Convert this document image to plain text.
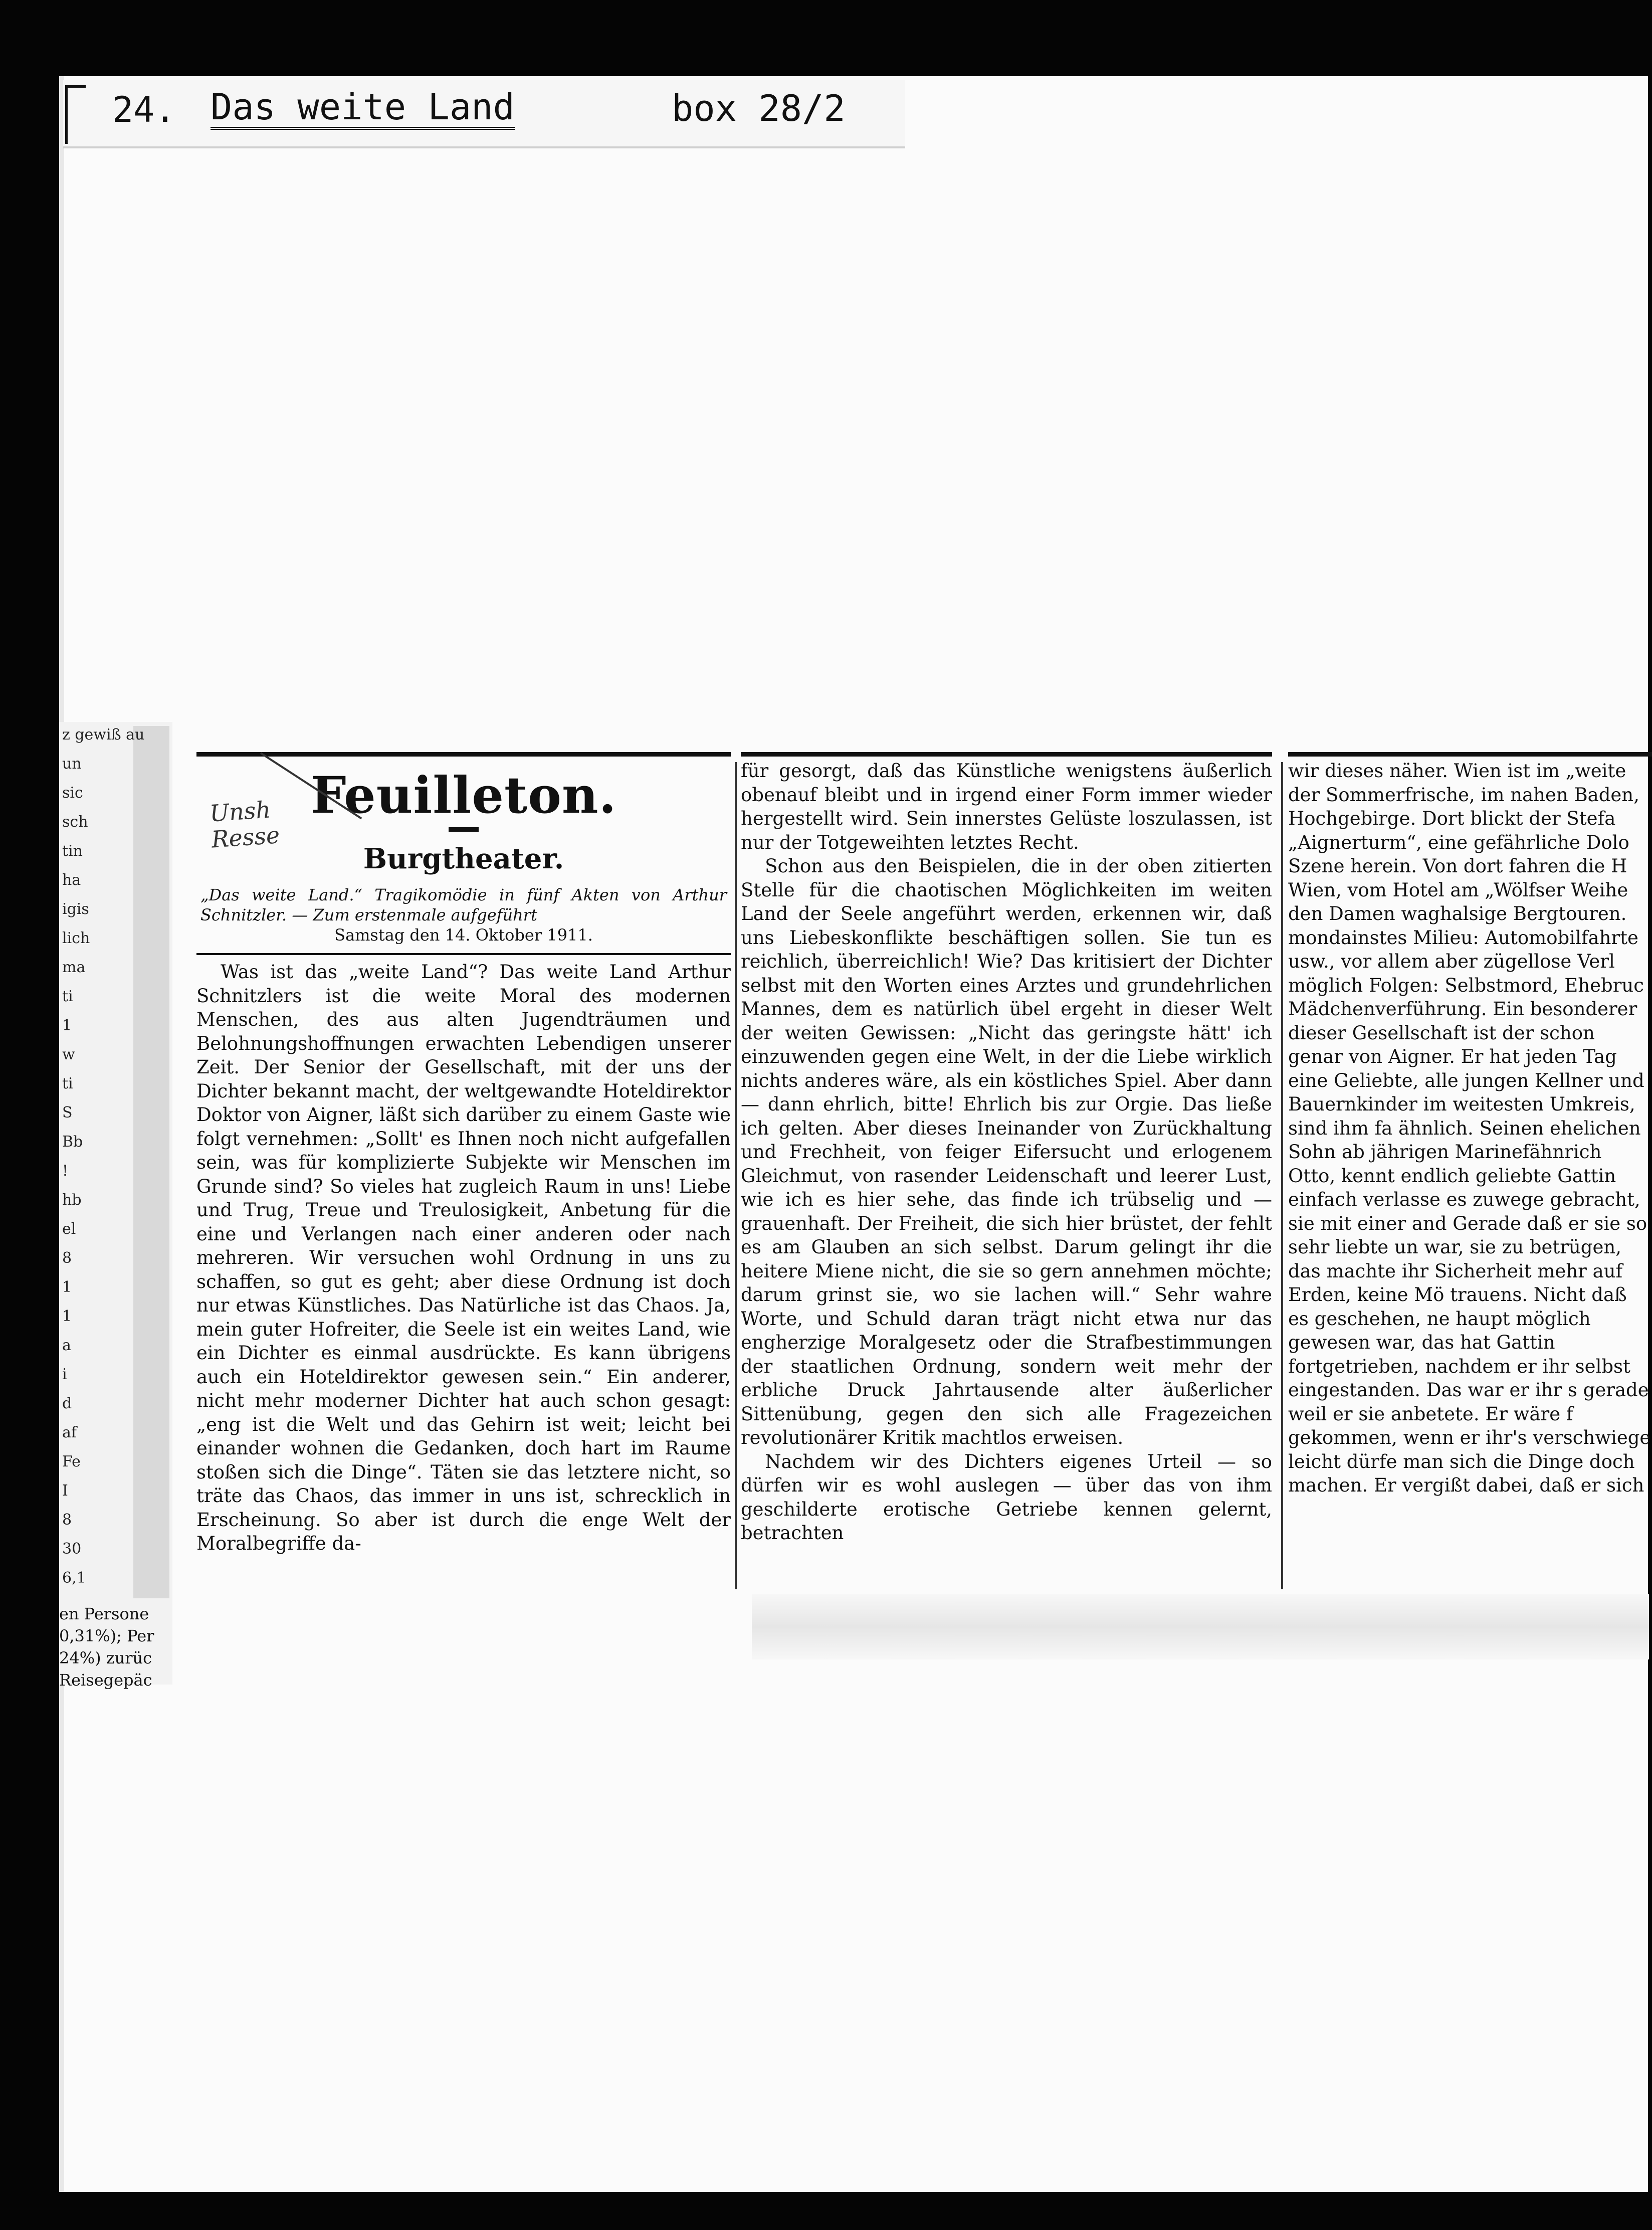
24. Das weite Land	box 28/2
z gewiß au
un
sic
sch
tin
ha
igis
lich
ma
ti
1
w
ti
S
Bb
!
hb
el
8
1
1
a
i
d
af
Fe
I
8
30
6,1
en Persone
0,31%); Per
24%) zurüc
Reisegepäc
Feuilleton.
Burgtheater.
„Das weite Land.“ Tragikomödie in fünf Akten von Arthur Schnitzler. — Zum erstenmale aufgeführt
Samstag den 14. Oktober 1911.

Was ist das „weite Land“? Das weite Land Arthur Schnitzlers ist die weite Moral des modernen Menschen, des aus alten Jugendträumen und Belohnungshoffnungen erwachten Lebendigen unserer Zeit. Der Senior der Gesellschaft, mit der uns der Dichter bekannt macht, der weltgewandte Hoteldirektor Doktor von Aigner, läßt sich darüber zu einem Gaste wie folgt vernehmen: „Sollt' es Ihnen noch nicht aufgefallen sein, was für komplizierte Subjekte wir Menschen im Grunde sind? So vieles hat zugleich Raum in uns! Liebe und Trug, Treue und Treulosigkeit, Anbetung für die eine und Verlangen nach einer anderen oder nach mehreren. Wir versuchen wohl Ordnung in uns zu schaffen, so gut es geht; aber diese Ordnung ist doch nur etwas Künstliches. Das Natürliche ist das Chaos. Ja, mein guter Hofreiter, die Seele ist ein weites Land, wie ein Dichter es einmal ausdrückte. Es kann übrigens auch ein Hoteldirektor gewesen sein.“ Ein anderer, nicht mehr moderner Dichter hat auch schon gesagt: „eng ist die Welt und das Gehirn ist weit; leicht bei einander wohnen die Gedanken, doch hart im Raume stoßen sich die Dinge“. Täten sie das letztere nicht, so träte das Chaos, das immer in uns ist, schrecklich in Erscheinung. So aber ist durch die enge Welt der Moralbegriffe da-

Unsh
Resse

für gesorgt, daß das Künstliche wenigstens äußerlich obenauf bleibt und in irgend einer Form immer wieder hergestellt wird. Sein innerstes Gelüste loszulassen, ist nur der Totgeweihten letztes Recht.

Schon aus den Beispielen, die in der oben zitierten Stelle für die chaotischen Möglichkeiten im weiten Land der Seele angeführt werden, erkennen wir, daß uns Liebeskonflikte beschäftigen sollen. Sie tun es reichlich, überreichlich! Wie? Das kritisiert der Dichter selbst mit den Worten eines Arztes und grundehrlichen Mannes, dem es natürlich übel ergeht in dieser Welt der weiten Gewissen: „Nicht das geringste hätt' ich einzuwenden gegen eine Welt, in der die Liebe wirklich nichts anderes wäre, als ein köstliches Spiel. Aber dann — dann ehrlich, bitte! Ehrlich bis zur Orgie. Das ließe ich gelten. Aber dieses Ineinander von Zurückhaltung und Frechheit, von feiger Eifersucht und erlogenem Gleichmut, von rasender Leidenschaft und leerer Lust, wie ich es hier sehe, das finde ich trübselig und — grauenhaft. Der Freiheit, die sich hier brüstet, der fehlt es am Glauben an sich selbst. Darum gelingt ihr die heitere Miene nicht, die sie so gern annehmen möchte; darum grinst sie, wo sie lachen will.“ Sehr wahre Worte, und Schuld daran trägt nicht etwa nur das engherzige Moralgesetz oder die Strafbestimmungen der staatlichen Ordnung, sondern weit mehr der erbliche Druck Jahrtausende alter äußerlicher Sittenübung, gegen den sich alle Fragezeichen revolutionärer Kritik machtlos erweisen.

Nachdem wir des Dichters eigenes Urteil — so dürfen wir es wohl auslegen — über das von ihm geschilderte erotische Getriebe kennen gelernt, betrachten

wir dieses näher. Wien ist im „weite der Sommerfrische, im nahen Baden, Hochgebirge. Dort blickt der Stefa „Aignerturm“, eine gefährliche Dolo Szene herein. Von dort fahren die H Wien, vom Hotel am „Wölfser Weihe den Damen waghalsige Bergtouren. mondainstes Milieu: Automobilfahrte usw., vor allem aber zügellose Verl möglich Folgen: Selbstmord, Ehebruc Mädchenverführung. Ein besonderer dieser Gesellschaft ist der schon genar von Aigner. Er hat jeden Tag eine Geliebte, alle jungen Kellner und Bauernkinder im weitesten Umkreis, sind ihm fa ähnlich. Seinen ehelichen Sohn ab jährigen Marinefähnrich Otto, kennt endlich geliebte Gattin einfach verlasse es zuwege gebracht, sie mit einer and Gerade daß er sie so sehr liebte un war, sie zu betrügen, das machte ihr Sicherheit mehr auf Erden, keine Mö trauens. Nicht daß es geschehen, ne haupt möglich gewesen war, das hat Gattin fortgetrieben, nachdem er ihr selbst eingestanden. Das war er ihr s gerade weil er sie anbetete. Er wäre f gekommen, wenn er ihr's verschwiege leicht dürfe man sich die Dinge doch machen. Er vergißt dabei, daß er sich
